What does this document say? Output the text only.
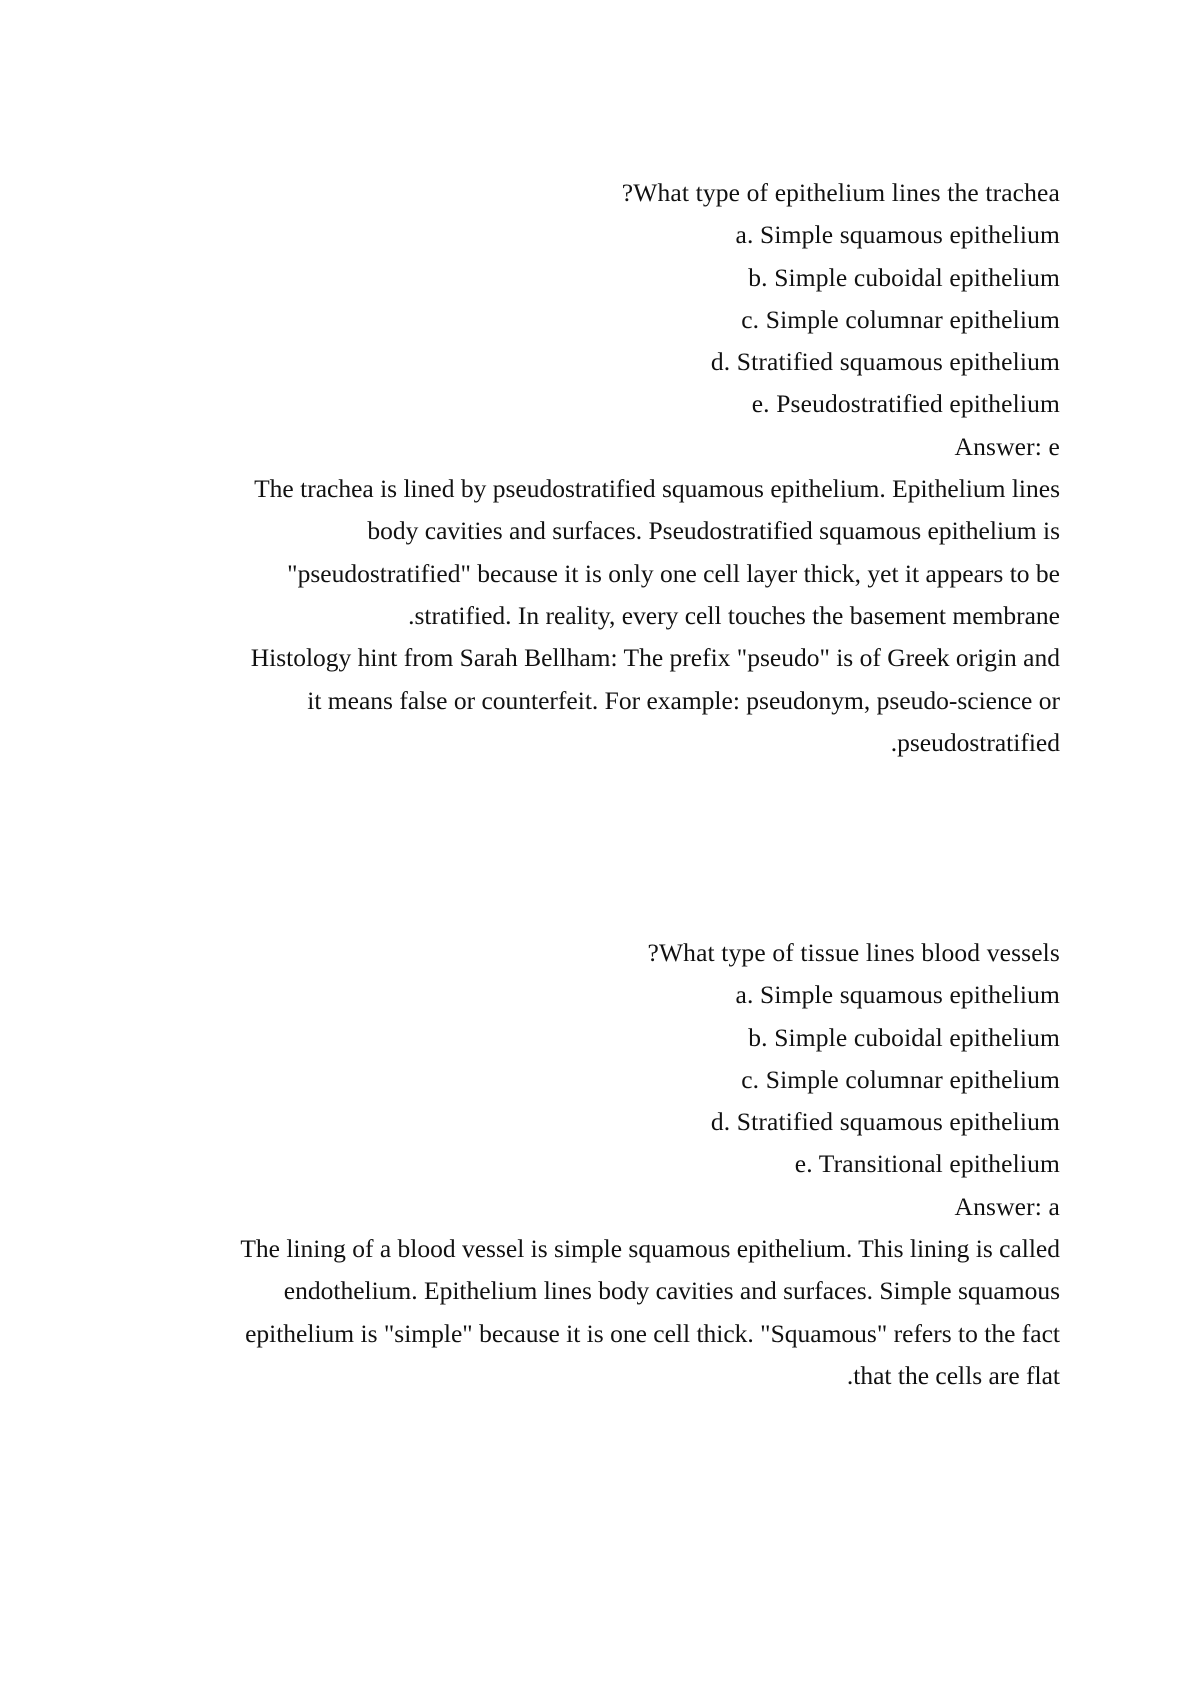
?What type of epithelium lines the trachea
a. Simple squamous epithelium
b. Simple cuboidal epithelium
c. Simple columnar epithelium
d. Stratified squamous epithelium
e. Pseudostratified epithelium
Answer: e
The trachea is lined by pseudostratified squamous epithelium. Epithelium lines
body cavities and surfaces. Pseudostratified squamous epithelium is
"pseudostratified" because it is only one cell layer thick, yet it appears to be
.stratified. In reality, every cell touches the basement membrane
Histology hint from Sarah Bellham: The prefix "pseudo" is of Greek origin and
it means false or counterfeit. For example: pseudonym, pseudo-science or
.pseudostratified
?What type of tissue lines blood vessels
a. Simple squamous epithelium
b. Simple cuboidal epithelium
c. Simple columnar epithelium
d. Stratified squamous epithelium
e. Transitional epithelium
Answer: a
The lining of a blood vessel is simple squamous epithelium. This lining is called
endothelium. Epithelium lines body cavities and surfaces. Simple squamous
epithelium is "simple" because it is one cell thick. "Squamous" refers to the fact
.that the cells are flat
